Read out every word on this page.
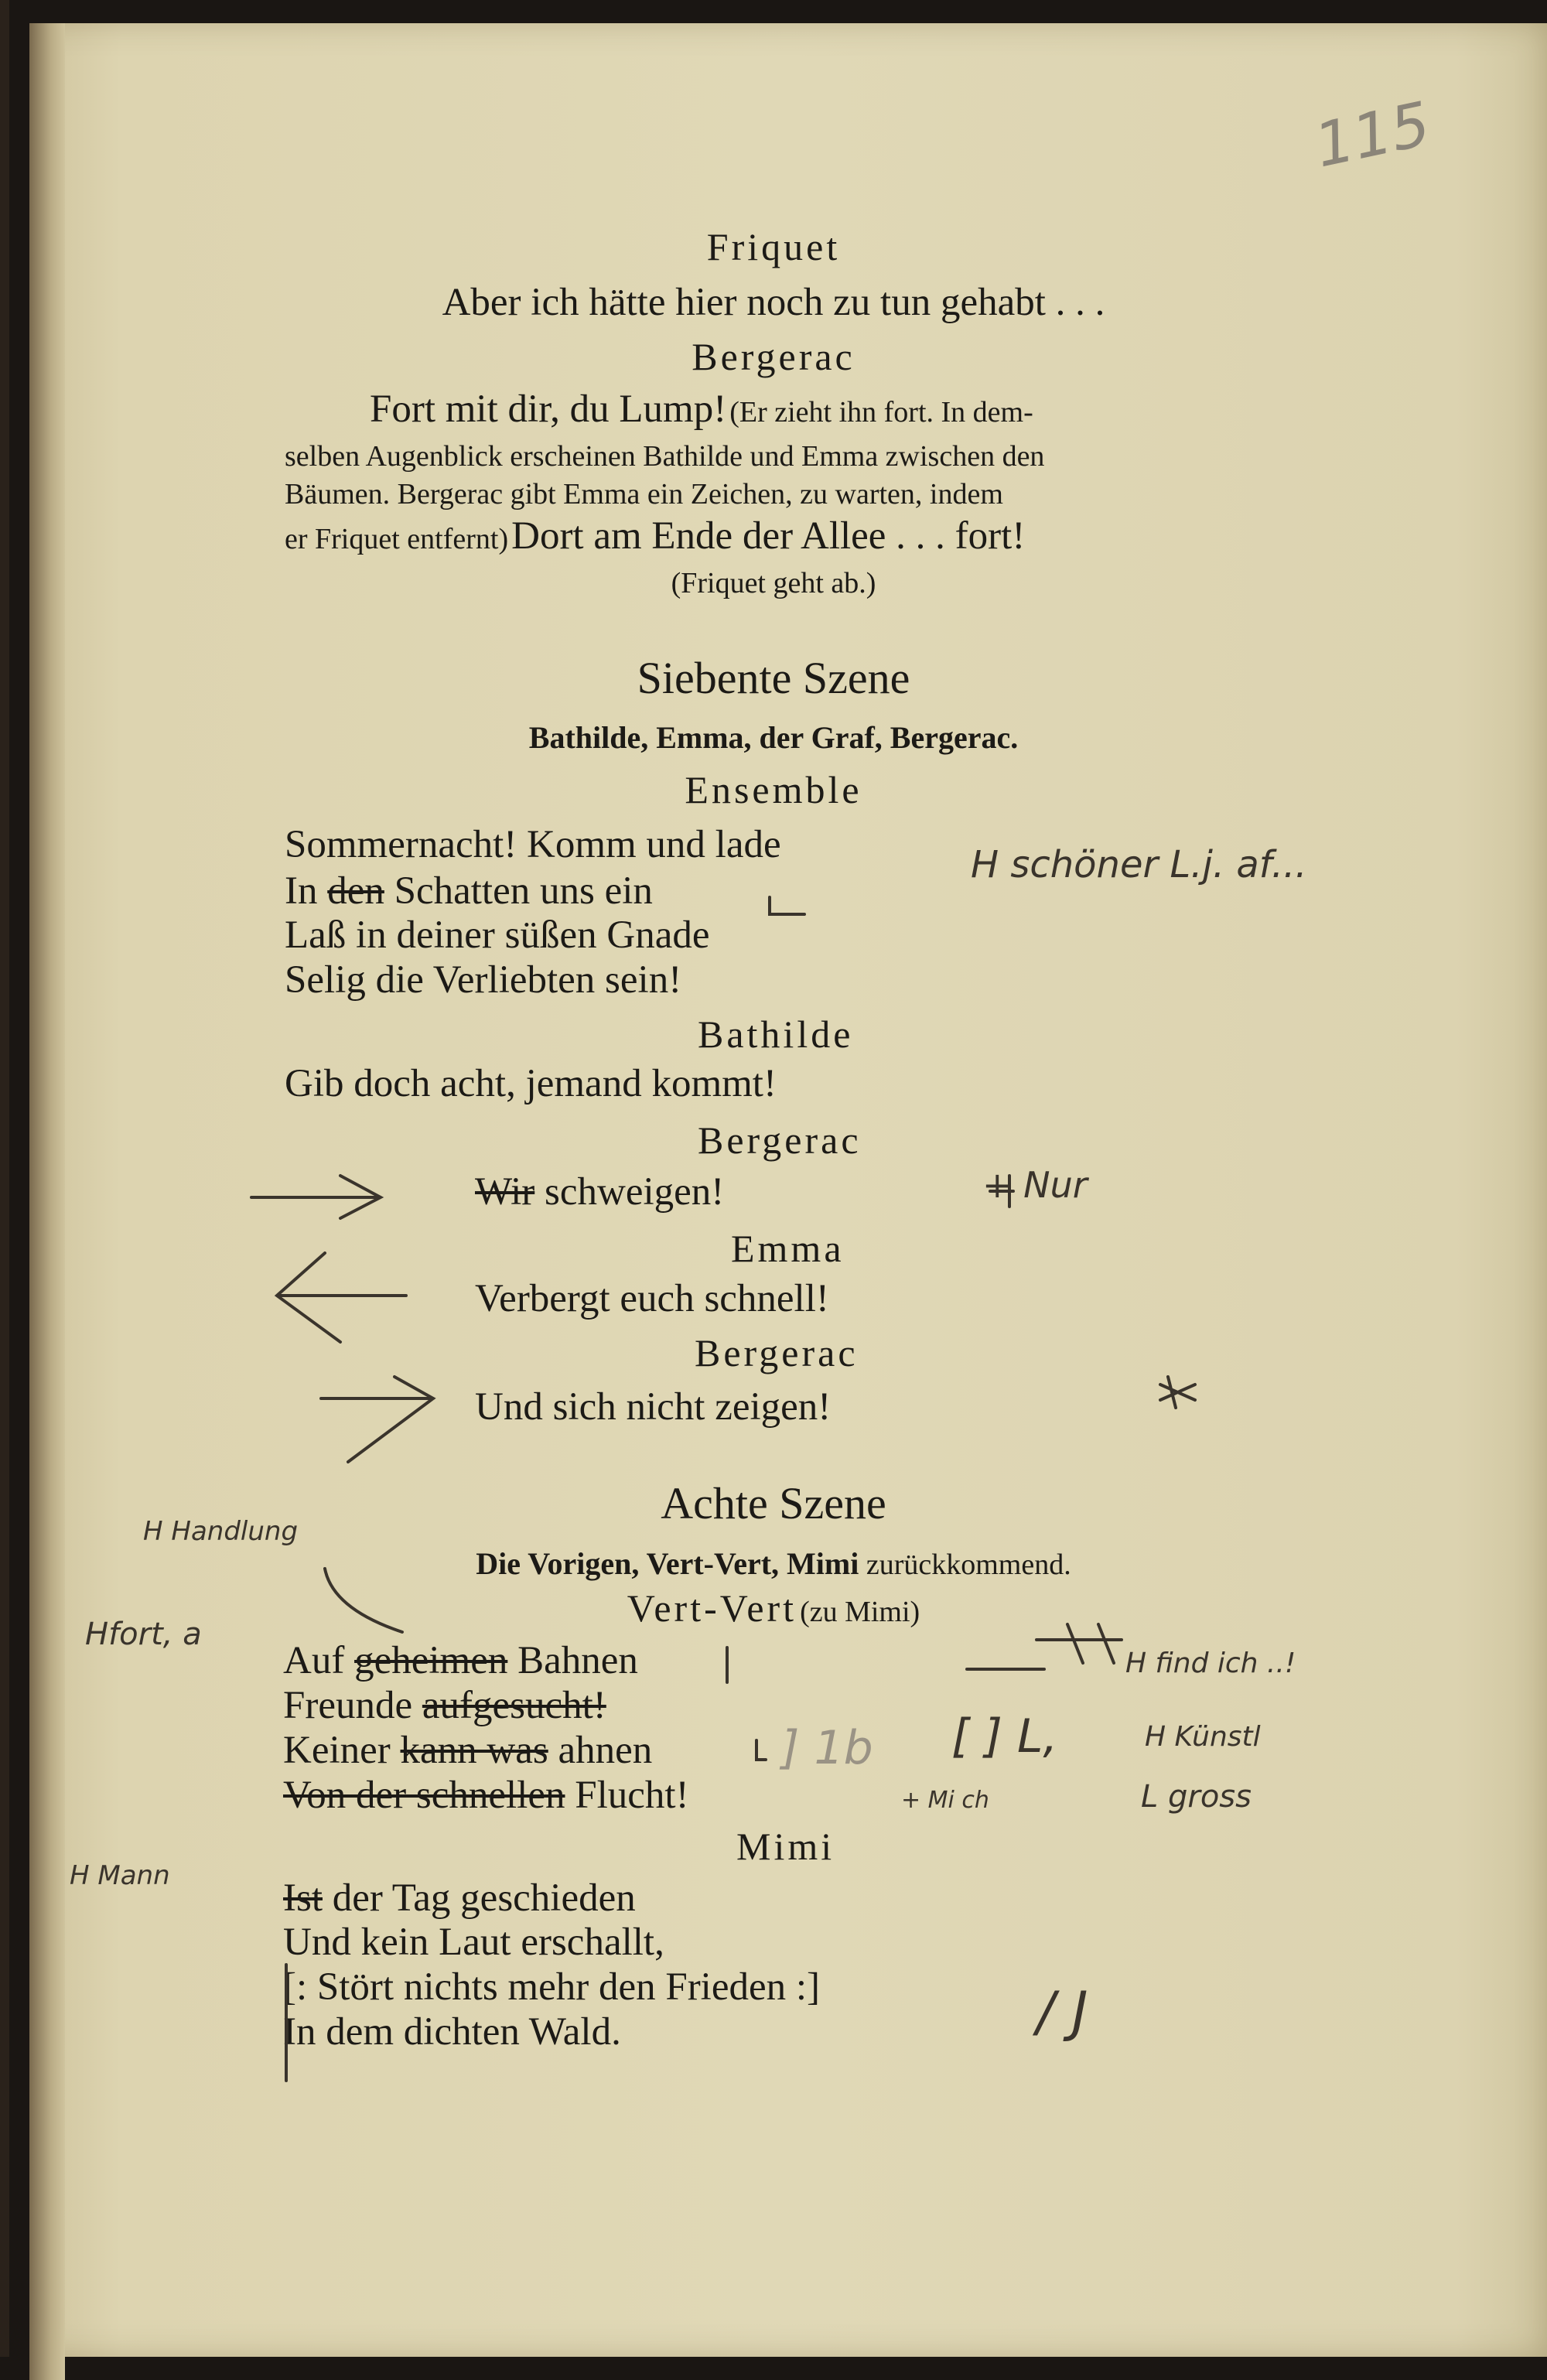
115
Friquet
Aber ich hätte hier noch zu tun gehabt . . .
Bergerac
Fort mit dir, du Lump! (Er zieht ihn fort. In dem-
selben Augenblick erscheinen Bathilde und Emma zwischen den
Bäumen. Bergerac gibt Emma ein Zeichen, zu warten, indem
er Friquet entfernt) Dort am Ende der Allee . . . fort!
(Friquet geht ab.)
Siebente Szene
Bathilde, Emma, der Graf, Bergerac.
Ensemble
Sommernacht! Komm und lade
In den Schatten uns ein
Laß in deiner süßen Gnade
Selig die Verliebten sein!
Bathilde
Gib doch acht, jemand kommt!
Bergerac
Wir schweigen!
Emma
Verbergt euch schnell!
Bergerac
Und sich nicht zeigen!
Achte Szene
Die Vorigen, Vert-Vert, Mimi zurückkommend.
Vert-Vert (zu Mimi)
Auf geheimen Bahnen
Freunde aufgesucht!
Keiner kann was ahnen
Von der schnellen Flucht!
Mimi
Ist der Tag geschieden
Und kein Laut erschallt,
[: Stört nichts mehr den Frieden :]
In dem dichten Wald.
H schöner L.j. af...
+ Nur
H Handlung
Hfort, a
H find ich ..!
H Künstl
+ Mi ch	L gross
H Mann
/ J
[ ] L,
] 1b
